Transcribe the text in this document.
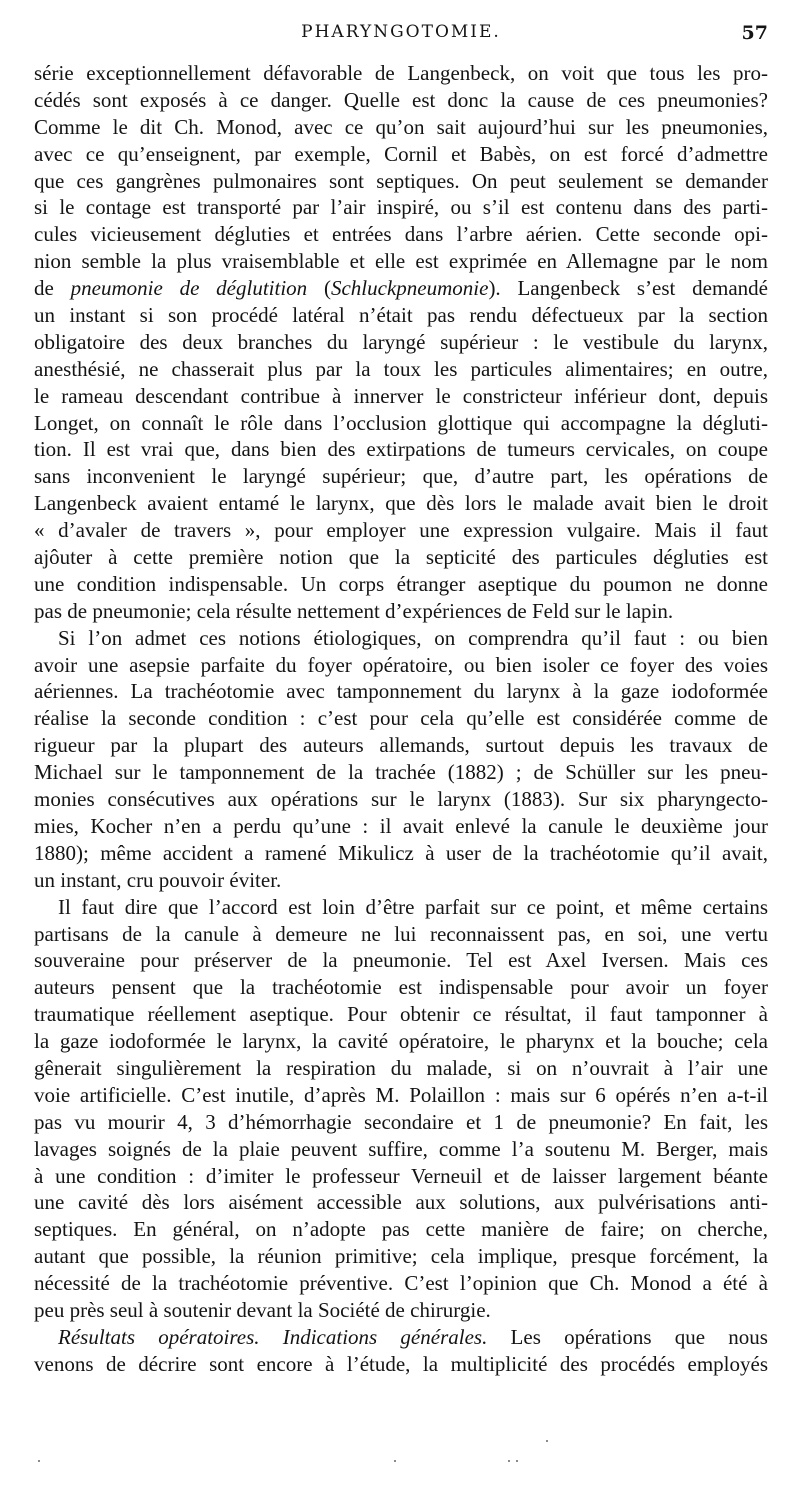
PHARYNGOTOMIE.	57
série exceptionnellement défavorable de Langenbeck, on voit que tous les pro-
cédés sont exposés à ce danger. Quelle est donc la cause de ces pneumonies?
Comme le dit Ch. Monod, avec ce qu’on sait aujourd’hui sur les pneumonies,
avec ce qu’enseignent, par exemple, Cornil et Babès, on est forcé d’admettre
que ces gangrènes pulmonaires sont septiques. On peut seulement se demander
si le contage est transporté par l’air inspiré, ou s’il est contenu dans des parti-
cules vicieusement dégluties et entrées dans l’arbre aérien. Cette seconde opi-
nion semble la plus vraisemblable et elle est exprimée en Allemagne par le nom
de pneumonie de déglutition (Schluckpneumonie). Langenbeck s’est demandé
un instant si son procédé latéral n’était pas rendu défectueux par la section
obligatoire des deux branches du laryngé supérieur : le vestibule du larynx,
anesthésié, ne chasserait plus par la toux les particules alimentaires; en outre,
le rameau descendant contribue à innerver le constricteur inférieur dont, depuis
Longet, on connaît le rôle dans l’occlusion glottique qui accompagne la dégluti-
tion. Il est vrai que, dans bien des extirpations de tumeurs cervicales, on coupe
sans inconvenient le laryngé supérieur; que, d’autre part, les opérations de
Langenbeck avaient entamé le larynx, que dès lors le malade avait bien le droit
« d’avaler de travers », pour employer une expression vulgaire. Mais il faut
ajôuter à cette première notion que la septicité des particules dégluties est
une condition indispensable. Un corps étranger aseptique du poumon ne donne
pas de pneumonie; cela résulte nettement d’expériences de Feld sur le lapin.
Si l’on admet ces notions étiologiques, on comprendra qu’il faut : ou bien
avoir une asepsie parfaite du foyer opératoire, ou bien isoler ce foyer des voies
aériennes. La trachéotomie avec tamponnement du larynx à la gaze iodoformée
réalise la seconde condition : c’est pour cela qu’elle est considérée comme de
rigueur par la plupart des auteurs allemands, surtout depuis les travaux de
Michael sur le tamponnement de la trachée (1882) ; de Schüller sur les pneu-
monies consécutives aux opérations sur le larynx (1883). Sur six pharyngecto-
mies, Kocher n’en a perdu qu’une : il avait enlevé la canule le deuxième jour
1880); même accident a ramené Mikulicz à user de la trachéotomie qu’il avait,
un instant, cru pouvoir éviter.
Il faut dire que l’accord est loin d’être parfait sur ce point, et même certains
partisans de la canule à demeure ne lui reconnaissent pas, en soi, une vertu
souveraine pour préserver de la pneumonie. Tel est Axel Iversen. Mais ces
auteurs pensent que la trachéotomie est indispensable pour avoir un foyer
traumatique réellement aseptique. Pour obtenir ce résultat, il faut tamponner à
la gaze iodoformée le larynx, la cavité opératoire, le pharynx et la bouche; cela
gênerait singulièrement la respiration du malade, si on n’ouvrait à l’air une
voie artificielle. C’est inutile, d’après M. Polaillon : mais sur 6 opérés n’en a-t-il
pas vu mourir 4, 3 d’hémorrhagie secondaire et 1 de pneumonie? En fait, les
lavages soignés de la plaie peuvent suffire, comme l’a soutenu M. Berger, mais
à une condition : d’imiter le professeur Verneuil et de laisser largement béante
une cavité dès lors aisément accessible aux solutions, aux pulvérisations anti-
septiques. En général, on n’adopte pas cette manière de faire; on cherche,
autant que possible, la réunion primitive; cela implique, presque forcément, la
nécessité de la trachéotomie préventive. C’est l’opinion que Ch. Monod a été à
peu près seul à soutenir devant la Société de chirurgie.
Résultats opératoires. Indications générales. Les opérations que nous
venons de décrire sont encore à l’étude, la multiplicité des procédés employés
